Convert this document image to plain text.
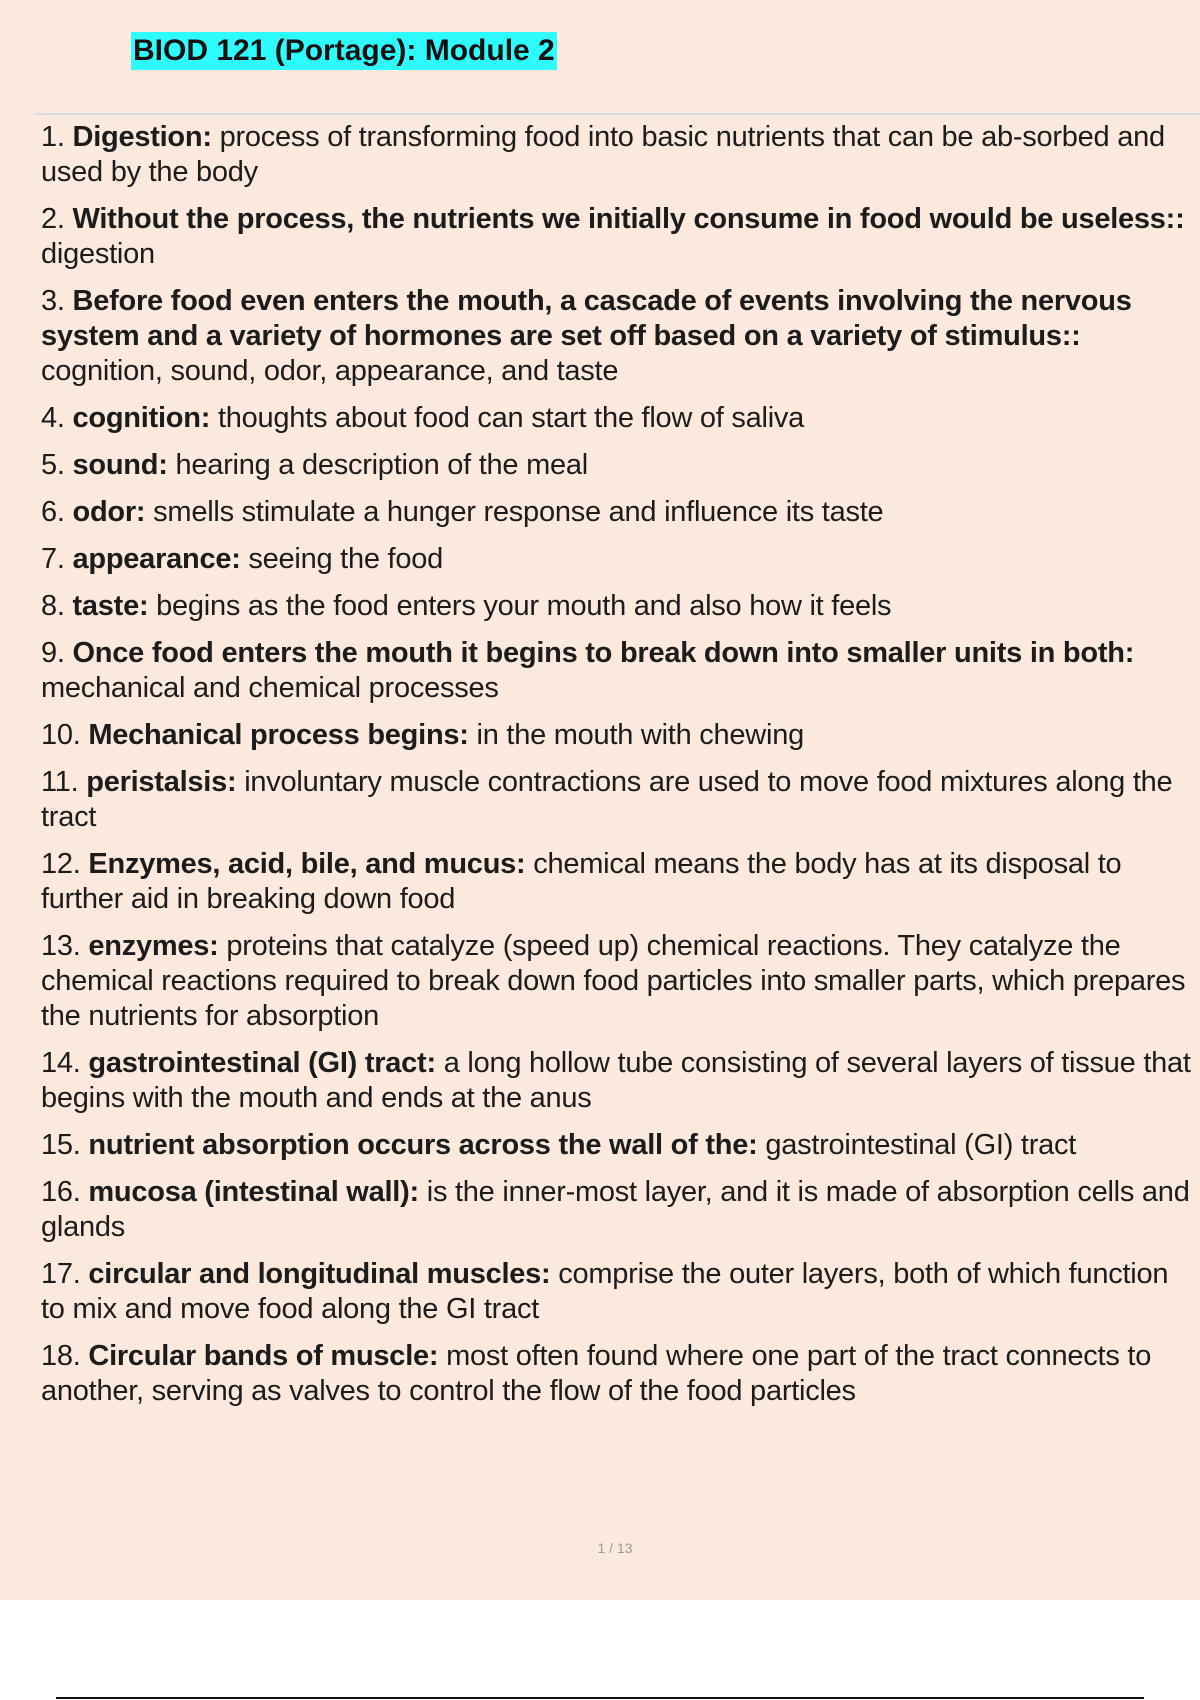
BIOD 121 (Portage): Module 2
1. Digestion: process of transforming food into basic nutrients that can be ab-sorbed and used by the body
2. Without the process, the nutrients we initially consume in food would be useless:: digestion
3. Before food even enters the mouth, a cascade of events involving the nervous system and a variety of hormones are set off based on a variety of stimulus:: cognition, sound, odor, appearance, and taste
4. cognition: thoughts about food can start the flow of saliva
5. sound: hearing a description of the meal
6. odor: smells stimulate a hunger response and influence its taste
7. appearance: seeing the food
8. taste: begins as the food enters your mouth and also how it feels
9. Once food enters the mouth it begins to break down into smaller units in both: mechanical and chemical processes
10. Mechanical process begins: in the mouth with chewing
11. peristalsis: involuntary muscle contractions are used to move food mixtures along the tract
12. Enzymes, acid, bile, and mucus: chemical means the body has at its disposal to further aid in breaking down food
13. enzymes: proteins that catalyze (speed up) chemical reactions. They catalyze the chemical reactions required to break down food particles into smaller parts, which prepares the nutrients for absorption
14. gastrointestinal (GI) tract: a long hollow tube consisting of several layers of tissue that begins with the mouth and ends at the anus
15. nutrient absorption occurs across the wall of the: gastrointestinal (GI) tract
16. mucosa (intestinal wall): is the inner-most layer, and it is made of absorption cells and glands
17. circular and longitudinal muscles: comprise the outer layers, both of which function to mix and move food along the GI tract
18. Circular bands of muscle: most often found where one part of the tract connects to another, serving as valves to control the flow of the food particles
1 / 13
